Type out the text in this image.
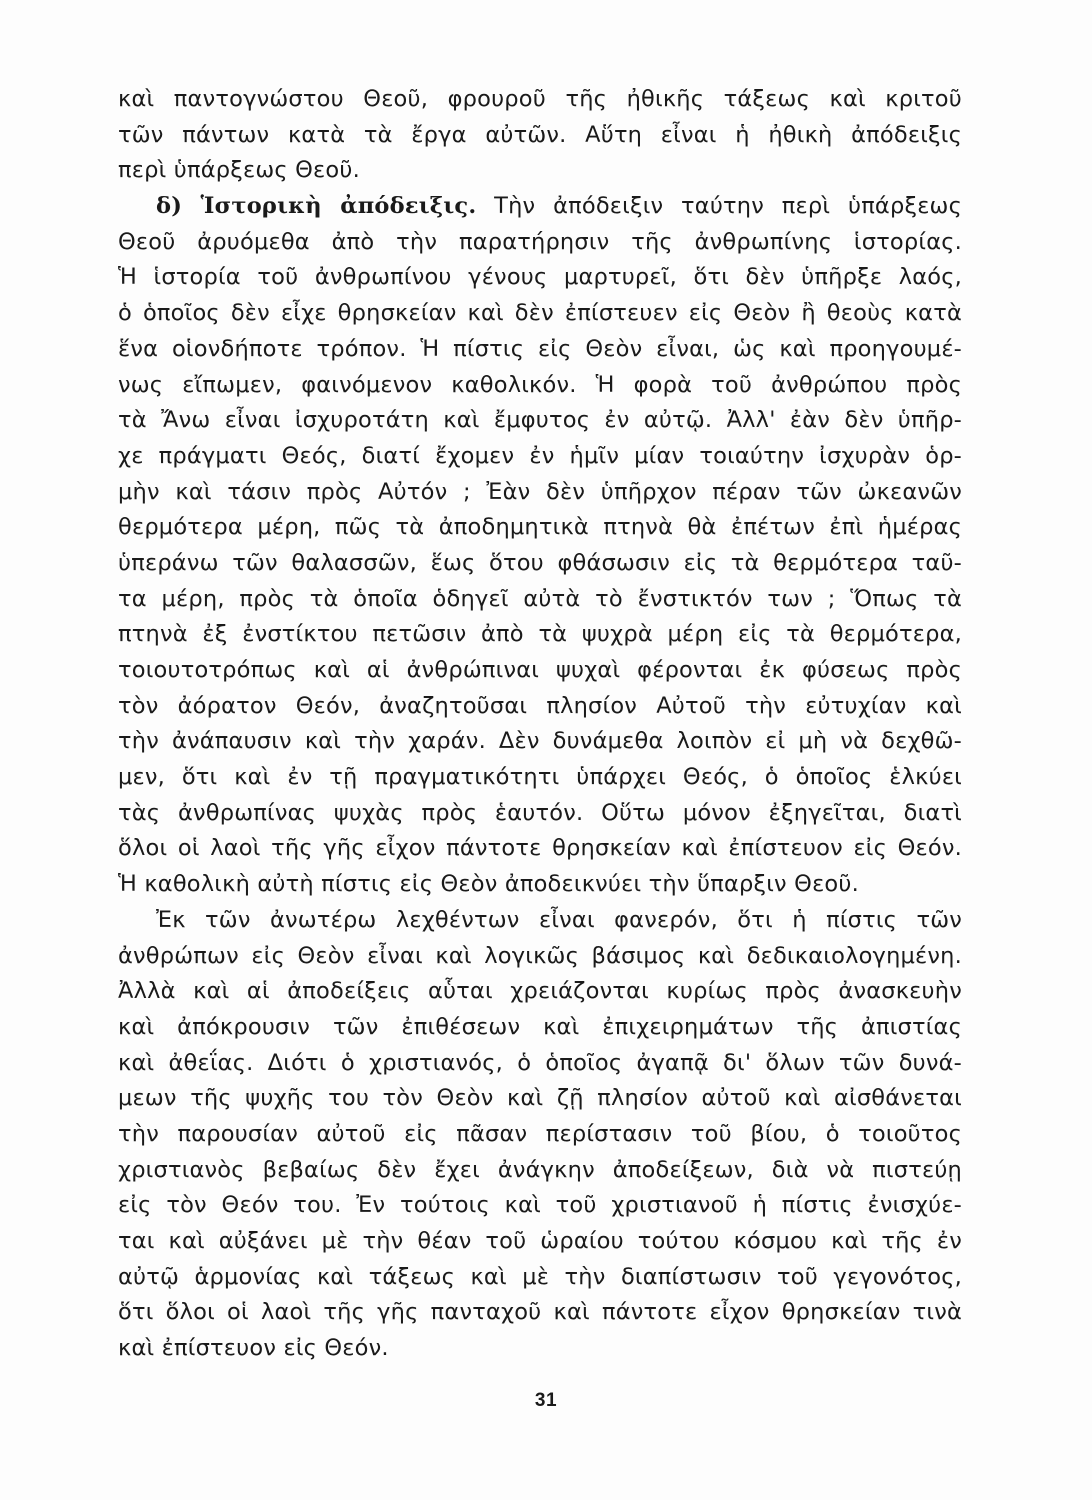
καὶ παντογνώστου Θεοῦ, φρουροῦ τῆς ἠθικῆς τάξεως καὶ κριτοῦ
τῶν πάντων κατὰ τὰ ἔργα αὐτῶν. Αὕτη εἶναι ἡ ἠθικὴ ἀπόδειξις
περὶ ὑπάρξεως Θεοῦ.
δ) Ἱστορικὴ ἀπόδειξις. Τὴν ἀπόδειξιν ταύτην περὶ ὑπάρξεως
Θεοῦ ἀρυόμεθα ἀπὸ τὴν παρατήρησιν τῆς ἀνθρωπίνης ἱστορίας.
Ἡ ἱστορία τοῦ ἀνθρωπίνου γένους μαρτυρεῖ, ὅτι δὲν ὑπῆρξε λαός,
ὁ ὁποῖος δὲν εἶχε θρησκείαν καὶ δὲν ἐπίστευεν εἰς Θεὸν ἢ θεοὺς κατὰ
ἕνα οἱονδήποτε τρόπον. Ἡ πίστις εἰς Θεὸν εἶναι, ὡς καὶ προηγουμέ-
νως εἴπωμεν, φαινόμενον καθολικόν. Ἡ φορὰ τοῦ ἀνθρώπου πρὸς
τὰ Ἄνω εἶναι ἰσχυροτάτη καὶ ἔμφυτος ἐν αὐτῷ. Ἀλλ' ἐὰν δὲν ὑπῆρ-
χε πράγματι Θεός, διατί ἔχομεν ἐν ἡμῖν μίαν τοιαύτην ἰσχυρὰν ὁρ-
μὴν καὶ τάσιν πρὸς Αὐτόν ; Ἐὰν δὲν ὑπῆρχον πέραν τῶν ὠκεανῶν
θερμότερα μέρη, πῶς τὰ ἀποδημητικὰ πτηνὰ θὰ ἐπέτων ἐπὶ ἡμέρας
ὑπεράνω τῶν θαλασσῶν, ἕως ὅτου φθάσωσιν εἰς τὰ θερμότερα ταῦ-
τα μέρη, πρὸς τὰ ὁποῖα ὁδηγεῖ αὐτὰ τὸ ἔνστικτόν των ; Ὅπως τὰ
πτηνὰ ἐξ ἐνστίκτου πετῶσιν ἀπὸ τὰ ψυχρὰ μέρη εἰς τὰ θερμότερα,
τοιουτοτρόπως καὶ αἱ ἀνθρώπιναι ψυχαὶ φέρονται ἐκ φύσεως πρὸς
τὸν ἀόρατον Θεόν, ἀναζητοῦσαι πλησίον Αὐτοῦ τὴν εὐτυχίαν καὶ
τὴν ἀνάπαυσιν καὶ τὴν χαράν. Δὲν δυνάμεθα λοιπὸν εἰ μὴ νὰ δεχθῶ-
μεν, ὅτι καὶ ἐν τῇ πραγματικότητι ὑπάρχει Θεός, ὁ ὁποῖος ἑλκύει
τὰς ἀνθρωπίνας ψυχὰς πρὸς ἑαυτόν. Οὕτω μόνον ἐξηγεῖται, διατὶ
ὅλοι οἱ λαοὶ τῆς γῆς εἶχον πάντοτε θρησκείαν καὶ ἐπίστευον εἰς Θεόν.
Ἡ καθολικὴ αὐτὴ πίστις εἰς Θεὸν ἀποδεικνύει τὴν ὕπαρξιν Θεοῦ.
Ἐκ τῶν ἀνωτέρω λεχθέντων εἶναι φανερόν, ὅτι ἡ πίστις τῶν
ἀνθρώπων εἰς Θεὸν εἶναι καὶ λογικῶς βάσιμος καὶ δεδικαιολογημένη.
Ἀλλὰ καὶ αἱ ἀποδείξεις αὗται χρειάζονται κυρίως πρὸς ἀνασκευὴν
καὶ ἀπόκρουσιν τῶν ἐπιθέσεων καὶ ἐπιχειρημάτων τῆς ἀπιστίας
καὶ ἀθεΐας. Διότι ὁ χριστιανός, ὁ ὁποῖος ἀγαπᾷ δι' ὅλων τῶν δυνά-
μεων τῆς ψυχῆς του τὸν Θεὸν καὶ ζῇ πλησίον αὐτοῦ καὶ αἰσθάνεται
τὴν παρουσίαν αὐτοῦ εἰς πᾶσαν περίστασιν τοῦ βίου, ὁ τοιοῦτος
χριστιανὸς βεβαίως δὲν ἔχει ἀνάγκην ἀποδείξεων, διὰ νὰ πιστεύῃ
εἰς τὸν Θεόν του. Ἐν τούτοις καὶ τοῦ χριστιανοῦ ἡ πίστις ἐνισχύε-
ται καὶ αὐξάνει μὲ τὴν θέαν τοῦ ὡραίου τούτου κόσμου καὶ τῆς ἐν
αὐτῷ ἁρμονίας καὶ τάξεως καὶ μὲ τὴν διαπίστωσιν τοῦ γεγονότος,
ὅτι ὅλοι οἱ λαοὶ τῆς γῆς πανταχοῦ καὶ πάντοτε εἶχον θρησκείαν τινὰ
καὶ ἐπίστευον εἰς Θεόν.
31
